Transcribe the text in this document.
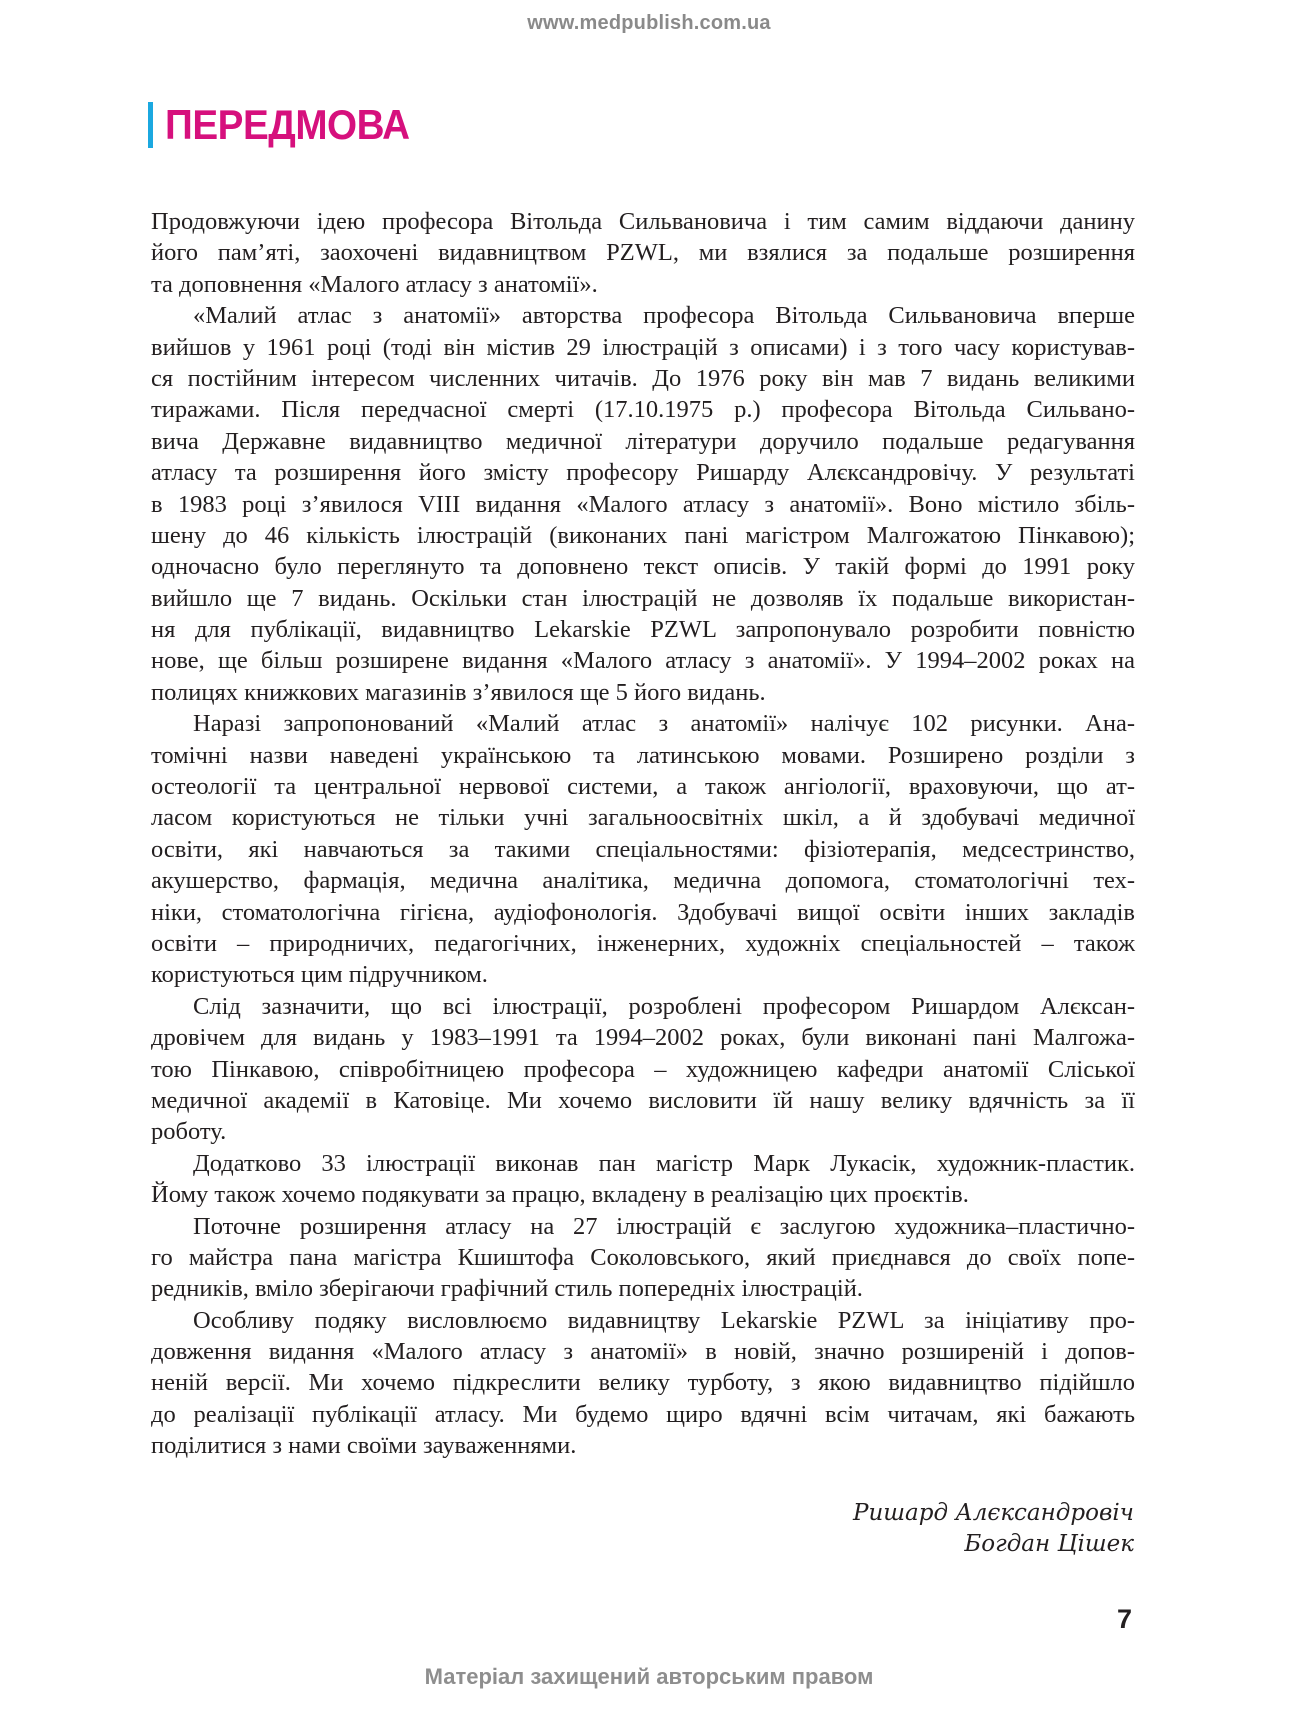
www.medpublish.com.ua
ПЕРЕДМОВА
Продовжуючи ідею професора Вітольда Сильвановича і тим самим віддаючи данину
його пам’яті, заохочені видавництвом PZWL, ми взялися за подальше розширення
та доповнення «Малого атласу з анатомії».
«Малий атлас з анатомії» авторства професора Вітольда Сильвановича вперше
вийшов у 1961 році (тоді він містив 29 ілюстрацій з описами) і з того часу користував-
ся постійним інтересом численних читачів. До 1976 року він мав 7 видань великими
тиражами. Після передчасної смерті (17.10.1975 р.) професора Вітольда Сильвано-
вича Державне видавництво медичної літератури доручило подальше редагування
атласу та розширення його змісту професору Ришарду Алєксандровічу. У результаті
в 1983 році з’явилося VIII видання «Малого атласу з анатомії». Воно містило збіль-
шену до 46 кількість ілюстрацій (виконаних пані магістром Малгожатою Пінкавою);
одночасно було переглянуто та доповнено текст описів. У такій формі до 1991 року
вийшло ще 7 видань. Оскільки стан ілюстрацій не дозволяв їх подальше використан-
ня для публікації, видавництво Lekarskie PZWL запропонувало розробити повністю
нове, ще більш розширене видання «Малого атласу з анатомії». У 1994–2002 роках на
полицях книжкових магазинів з’явилося ще 5 його видань.
Наразі запропонований «Малий атлас з анатомії» налічує 102 рисунки. Ана-
томічні назви наведені українською та латинською мовами. Розширено розділи з
остеології та центральної нервової системи, а також ангіології, враховуючи, що ат-
ласом користуються не тільки учні загальноосвітніх шкіл, а й здобувачі медичної
освіти, які навчаються за такими спеціальностями: фізіотерапія, медсестринство,
акушерство, фармація, медична аналітика, медична допомога, стоматологічні тех-
ніки, стоматологічна гігієна, аудіофонологія. Здобувачі вищої освіти інших закладів
освіти – природничих, педагогічних, інженерних, художніх спеціальностей – також
користуються цим підручником.
Слід зазначити, що всі ілюстрації, розроблені професором Ришардом Алєксан-
дровічем для видань у 1983–1991 та 1994–2002 роках, були виконані пані Малгожа-
тою Пінкавою, співробітницею професора – художницею кафедри анатомії Сліської
медичної академії в Катовіце. Ми хочемо висловити їй нашу велику вдячність за її
роботу.
Додатково 33 ілюстрації виконав пан магістр Марк Лукасік, художник-пластик.
Йому також хочемо подякувати за працю, вкладену в реалізацію цих проєктів.
Поточне розширення атласу на 27 ілюстрацій є заслугою художника–пластично-
го майстра пана магістра Кшиштофа Соколовського, який приєднався до своїх попе-
редників, вміло зберігаючи графічний стиль попередніх ілюстрацій.
Особливу подяку висловлюємо видавництву Lekarskie PZWL за ініціативу про-
довження видання «Малого атласу з анатомії» в новій, значно розширеній і допов-
неній версії. Ми хочемо підкреслити велику турботу, з якою видавництво підійшло
до реалізації публікації атласу. Ми будемо щиро вдячні всім читачам, які бажають
поділитися з нами своїми зауваженнями.
Ришард Алєксандровіч
Богдан Цішек
7
Матеріал захищений авторським правом
